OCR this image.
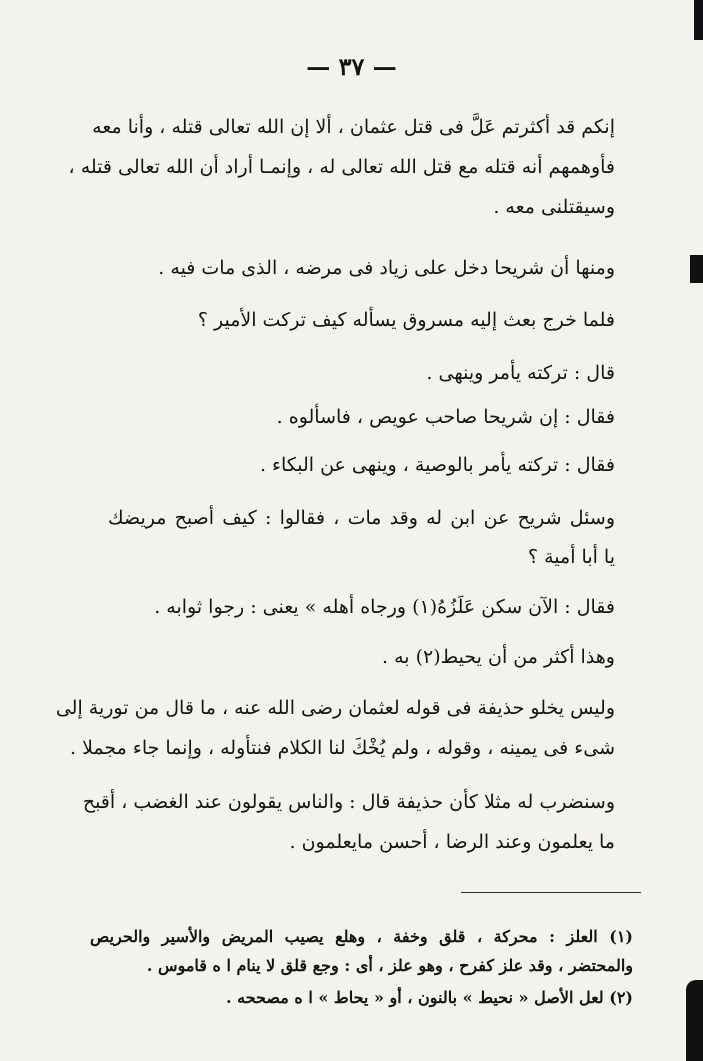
— ٣٧ —
إنكم قد أكثرتم عَلَّ فى قتل عثمان ، ألا إن الله تعالى قتله ، وأنا معه
فأوهمهم أنه قتله مع قتل الله تعالى له ، وإنمـا أراد أن الله تعالى قتله ،
وسيقتلنى معه .
ومنها أن شريحا دخل على زياد فى مرضه ، الذى مات فيه .
فلما خرج بعث إليه مسروق يسأله كيف تركت الأمير ؟
قال : تركته يأمر وينهى .
فقال : إن شريحا صاحب عويص ، فاسألوه .
فقال : تركته يأمر بالوصية ، وينهى عن البكاء .
وسئل شريح عن ابن له وقد مات ، فقالوا : كيف أصبح مريضك
يا أبا أمية ؟
فقال : الآن سكن عَلَزُهُ(١) ورجاه أهله » يعنى : رجوا ثوابه .
وهذا أكثر من أن يحيط(٢) به .
وليس يخلو حذيفة فى قوله لعثمان رضى الله عنه ، ما قال من تورية إلى
شىء فى يمينه ، وقوله ، ولم يُخْكَ لنا الكلام فنتأوله ، وإنما جاء مجملا .
وسنضرب له مثلا كأن حذيفة قال : والناس يقولون عند الغضب ، أقبح
ما يعلمون وعند الرضا ، أحسن مايعلمون .
(١) العلز : محركة ، قلق وخفة ، وهلع يصيب المريض والأسير والحريص
والمحتضر ، وقد علز كفرح ، وهو علز ، أى : وجع قلق لا ينام ا ه قاموس .
(٢) لعل الأصل « نحيط » بالنون ، أو « يحاط » ا ه مصححه .
